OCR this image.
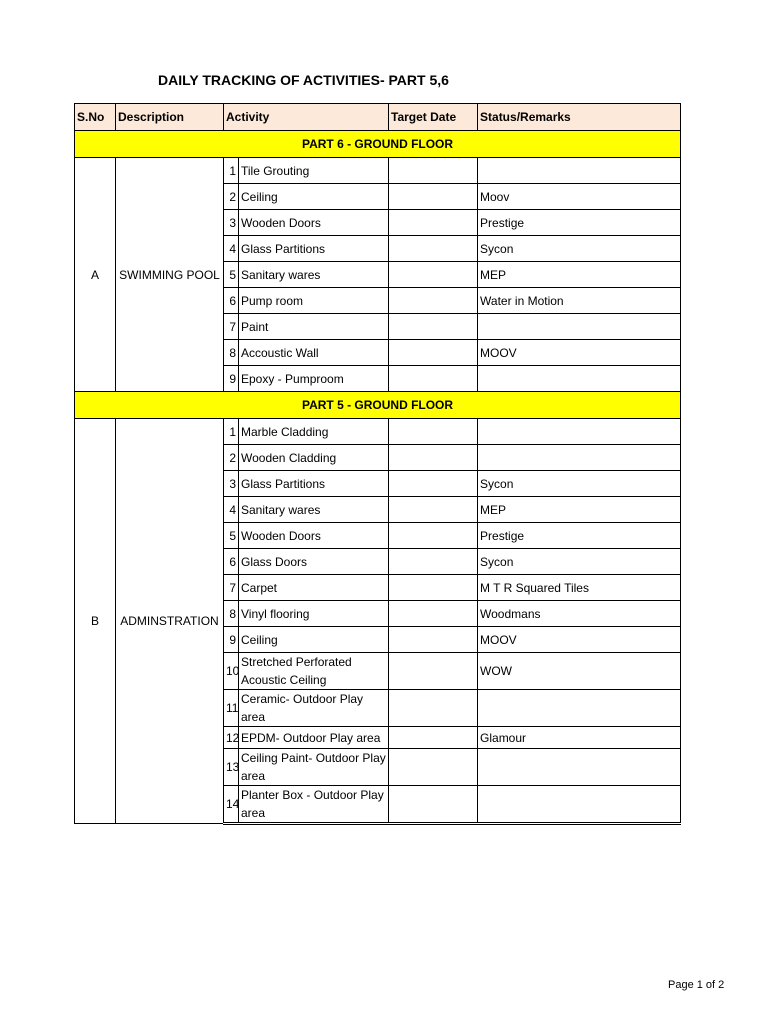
DAILY TRACKING OF ACTIVITIES- PART 5,6
S.No	Description	Activity		Target Date	Status/Remarks
PART 6 - GROUND FLOOR					
A	SWIMMING POOL	1	Tile Grouting		
		2	Ceiling		Moov
		3	Wooden Doors		Prestige
		4	Glass Partitions		Sycon
		5	Sanitary wares		MEP
		6	Pump room		Water in Motion
		7	Paint		
		8	Accoustic Wall		MOOV
		9	Epoxy - Pumproom		
PART 5 - GROUND FLOOR					
B	ADMINSTRATION	1	Marble Cladding		
		2	Wooden Cladding		
		3	Glass Partitions		Sycon
		4	Sanitary wares		MEP
		5	Wooden Doors		Prestige
		6	Glass Doors		Sycon
		7	Carpet		M T R Squared Tiles
		8	Vinyl flooring		Woodmans
		9	Ceiling		MOOV
		10	Stretched Perforated Acoustic Ceiling		WOW
		11	Ceramic- Outdoor Play area		
		12	EPDM- Outdoor Play area		Glamour
		13	Ceiling Paint- Outdoor Play area		
		14	Planter Box - Outdoor Play area		
Page 1 of 2
